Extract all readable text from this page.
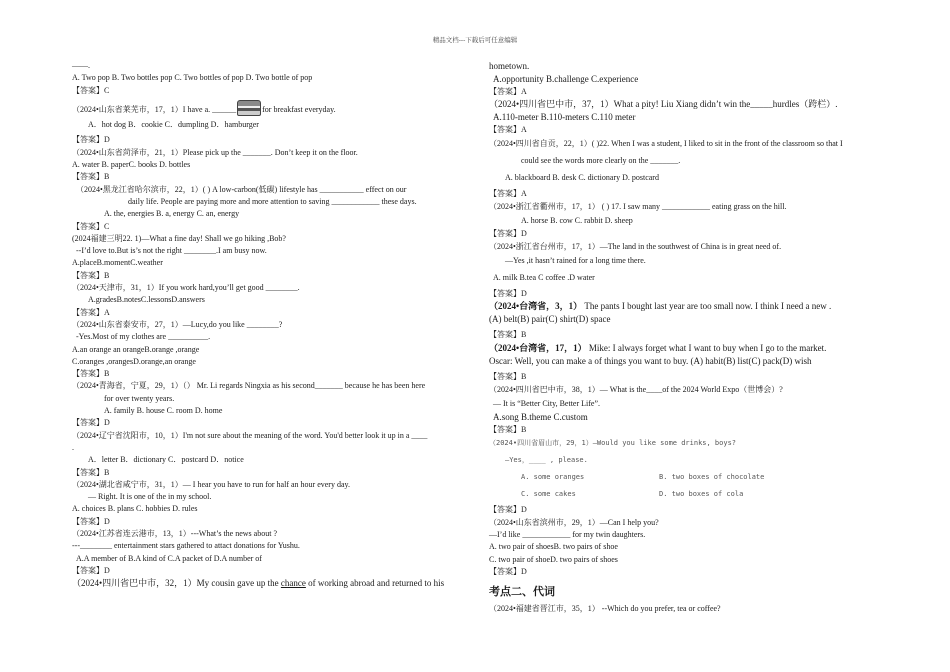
精品文档---下载后可任意编辑
——.
A. Two pop B. Two bottles pop C. Two bottles of pop D. Two bottle of pop
【答案】C
（2024•山东省莱芜市，17，1）I have a. ______	for breakfast everyday.
A．hot dog B．cookie C．dumpling D．hamburger
【答案】D
（2024•山东省菏泽市，21，1）Please pick up the _______. Don’t keep it on the floor.
A. water B. paperC. books D. bottles
【答案】B
（2024•黑龙江省哈尔滨市，22，1）( ) A low-carbon(低碳) lifestyle has ___________ effect on our
daily life. People are paying more and more attention to saving ____________ these days.
A. the, energies B. a, energy C. an, energy
【答案】C
(2024福建三明22. 1)—What a fine day! Shall we go hiking ,Bob?
--I’d love to.But is’s not the right ________.I am busy now.
A.placeB.momentC.weather
【答案】B
（2024•天津市，31，1）If you work hard,you’ll get good ________.
A.gradesB.notesC.lessonsD.answers
【答案】A
（2024•山东省泰安市，27，1）—Lucy,do you like ________?
-Yes.Most of my clothes are __________.
A.an orange an orangeB.orange ,orange
C.oranges ,orangesD.orange,an orange
【答案】B
（2024•青海省，宁夏，29，1）（） Mr. Li regards Ningxia as his second_______ because he has been here
for over twenty years.
A. family B. house C. room D. home
【答案】D
（2024•辽宁省沈阳市，10，1）I'm not sure about the meaning of the word. You'd better look it up in a ____
.
A．letter B．dictionary C．postcard D．notice
【答案】B
（2024•湖北省咸宁市，31，1）— I hear you have to run for half an hour every day.
— Right. It is one of the in my school.
A. choices B. plans C. hobbies D. rules
【答案】D
（2024•江苏省连云港市，13，1）---What’s the news about ?
---________ entertainment stars gathered to attact donations for Yushu.
A.A member of B.A kind of C.A packet of D.A number of
【答案】D
（2024•四川省巴中市，32，1）My cousin gave up the chance of working abroad and returned to his
hometown.
A.opportunity B.challenge C.experience
【答案】A
（2024•四川省巴中市，37，1）What a pity! Liu Xiang didn’t win the_____hurdles（跨栏）.
A.110-meter B.110-meters C.110 meter
【答案】A
（2024•四川省自贡，22，1）( )22. When I was a student, I liked to sit in the front of the classroom so that I
could see the words more clearly on the _______.
A. blackboard B. desk C. dictionary D. postcard
【答案】A
（2024•浙江省衢州市，17，1） ( ) 17. I saw many ____________ eating grass on the hill.
A. horse B. cow C. rabbit D. sheep
【答案】D
（2024•浙江省台州市，17，1）—The land in the southwest of China is in great need of.
—Yes ,it hasn’t rained for a long time there.
A. milk B.tea C coffee .D water
【答案】D
（2024•台湾省，3，1） The pants I bought last year are too small now. I think I need a new .
(A) belt(B) pair(C) shirt(D) space
【答案】B
（2024•台湾省，17，1） Mike: I always forget what I want to buy when I go to the market.
Oscar: Well, you can make a of things you want to buy. (A) habit(B) list(C) pack(D) wish
【答案】B
（2024•四川省巴中市，38，1）— What is the____of the 2024 World Expo（世博会）?
— It is “Better City, Better Life”.
A.song B.theme C.custom
【答案】B
（2024•四川省眉山市，29，1）—Would you like some drinks, boys?
—Yes，____ , please.
A. some oranges	B. two boxes of chocolate
C. some cakes	D. two boxes of cola
【答案】D
（2024•山东省滨州市，29，1）—Can I help you?
—I’d like ____________ for my twin daughters.
A. two pair of shoesB. two pairs of shoe
C. two pair of shoeD. two pairs of shoes
【答案】D
考点二、代词
（2024•福建省晋江市，35，1） --Which do you prefer, tea or coffee?
